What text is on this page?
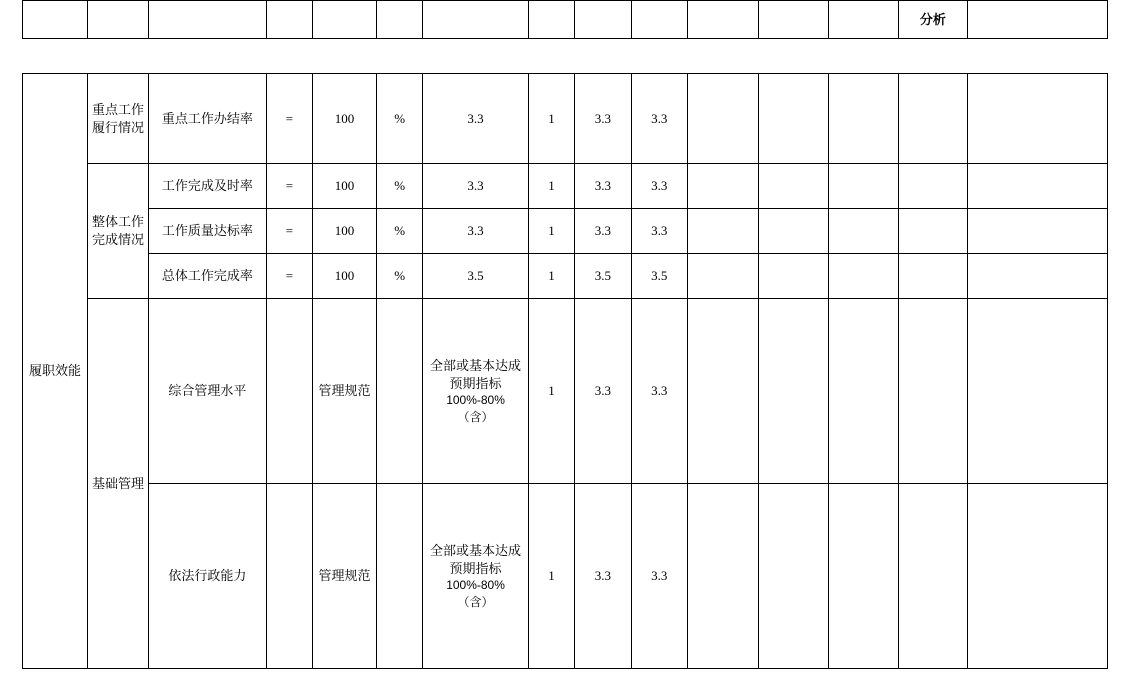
													分析	
履职效能	重点工作履行情况	重点工作办结率	=	100	%	3.3	1	3.3	3.3					
	整体工作完成情况	工作完成及时率	=	100	%	3.3	1	3.3	3.3					
		工作质量达标率	=	100	%	3.3	1	3.3	3.3					
		总体工作完成率	=	100	%	3.5	1	3.5	3.5					
	基础管理	综合管理水平		管理规范		全部或基本达成预期指标
100%-80%
（含）	1	3.3	3.3					
		依法行政能力		管理规范		全部或基本达成预期指标
100%-80%
（含）	1	3.3	3.3					
